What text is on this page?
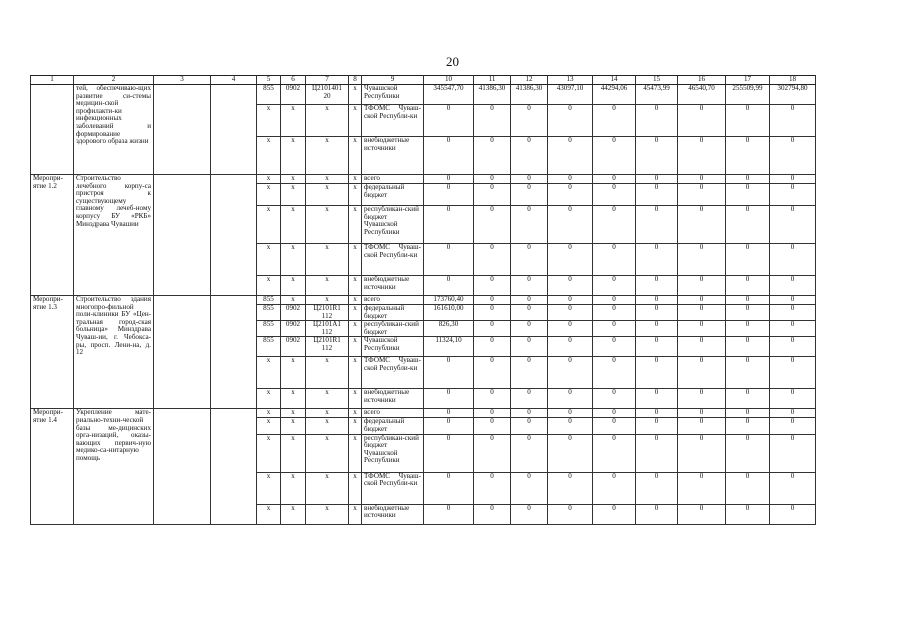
20
1	2	3	4	5	6	7	8	9	10	11	12	13	14	15	16	17	18
	тей, обеспечиваю-щих развитие си-стемы медицин-ской профилакти-ки инфекционных заболеваний и формирование здорового образа жизни			855	0902	Ц2101401 20	х	Чувашской Республики	345547,70	41386,30	41386,30	43097,10	44294,06	45473,99	46540,70	255509,99	302794,80
				х	х	х	х	ТФОМС Чуваш-ской Республи-ки	0	0	0	0	0	0	0	0	0
				х	х	х	х	внебюджетные источники	0	0	0	0	0	0	0	0	0
Меропри-ятие 1.2	Строительство лечебного корпу-са пристроя к существующему главному лечеб-ному корпусу БУ «РКБ» Минздрава Чувашии			х	х	х	х	всего	0	0	0	0	0	0	0	0	0
				х	х	х	х	федеральный бюджет	0	0	0	0	0	0	0	0	0
				х	х	х	х	республикан-ский бюджет Чувашской Республики	0	0	0	0	0	0	0	0	0
				х	х	х	х	ТФОМС Чуваш-ской Республи-ки	0	0	0	0	0	0	0	0	0
				х	х	х	х	внебюджетные источники	0	0	0	0	0	0	0	0	0
Меропри-ятие 1.3	Строительство здания многопро-фильной поли-клиники БУ «Цен-тральная город-ская больница» Минздрава Чуваш-ии, г. Чебокса-ры, просп. Лени-на, д. 12			855	х	х	х	всего	173760,40	0	0	0	0	0	0	0	0
				855	0902	Ц2101R1 112	х	федеральный бюджет	161610,00	0	0	0	0	0	0	0	0
				855	0902	Ц2101А1 112	х	республикан-ский бюджет	826,30	0	0	0	0	0	0	0	0
				855	0902	Ц2101R1 112	х	Чувашской Республики	11324,10	0	0	0	0	0	0	0	0
				х	х	х	х	ТФОМС Чуваш-ской Республи-ки	0	0	0	0	0	0	0	0	0
				х	х	х	х	внебюджетные источники	0	0	0	0	0	0	0	0	0
Меропри-ятие 1.4	Укрепление мате-риально-техни-ческой базы ме-дицинских орга-низаций, оказы-вающих первич-ную медико-са-нитарную помощь			х	х	х	х	всего	0	0	0	0	0	0	0	0	0
				х	х	х	х	федеральный бюджет	0	0	0	0	0	0	0	0	0
				х	х	х	х	республикан-ский бюджет Чувашской Республики	0	0	0	0	0	0	0	0	0
				х	х	х	х	ТФОМС Чуваш-ской Республи-ки	0	0	0	0	0	0	0	0	0
				х	х	х	х	внебюджетные источники	0	0	0	0	0	0	0	0	0
